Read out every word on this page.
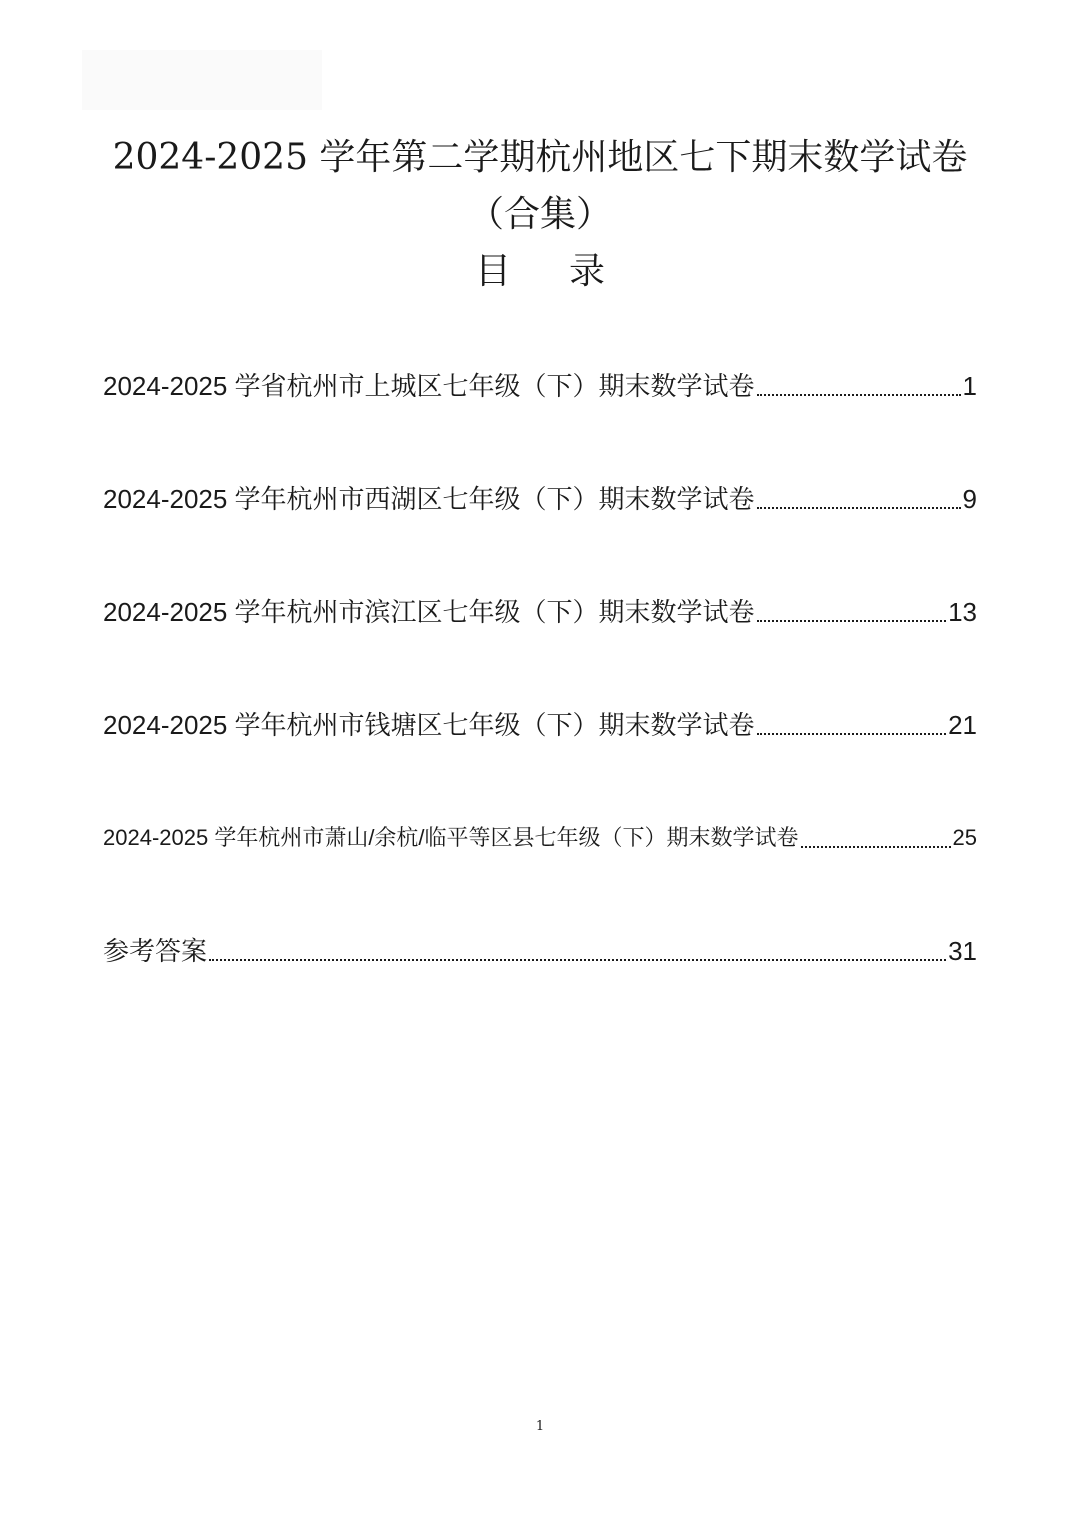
2024-2025 学年第二学期杭州地区七下期末数学试卷
（合集）
目录
2024-2025 学省杭州市上城区七年级（下）期末数学试卷	1
2024-2025 学年杭州市西湖区七年级（下）期末数学试卷	9
2024-2025 学年杭州市滨江区七年级（下）期末数学试卷	13
2024-2025 学年杭州市钱塘区七年级（下）期末数学试卷	21
2024-2025 学年杭州市萧山/余杭/临平等区县七年级（下）期末数学试卷	25
参考答案	31
1
